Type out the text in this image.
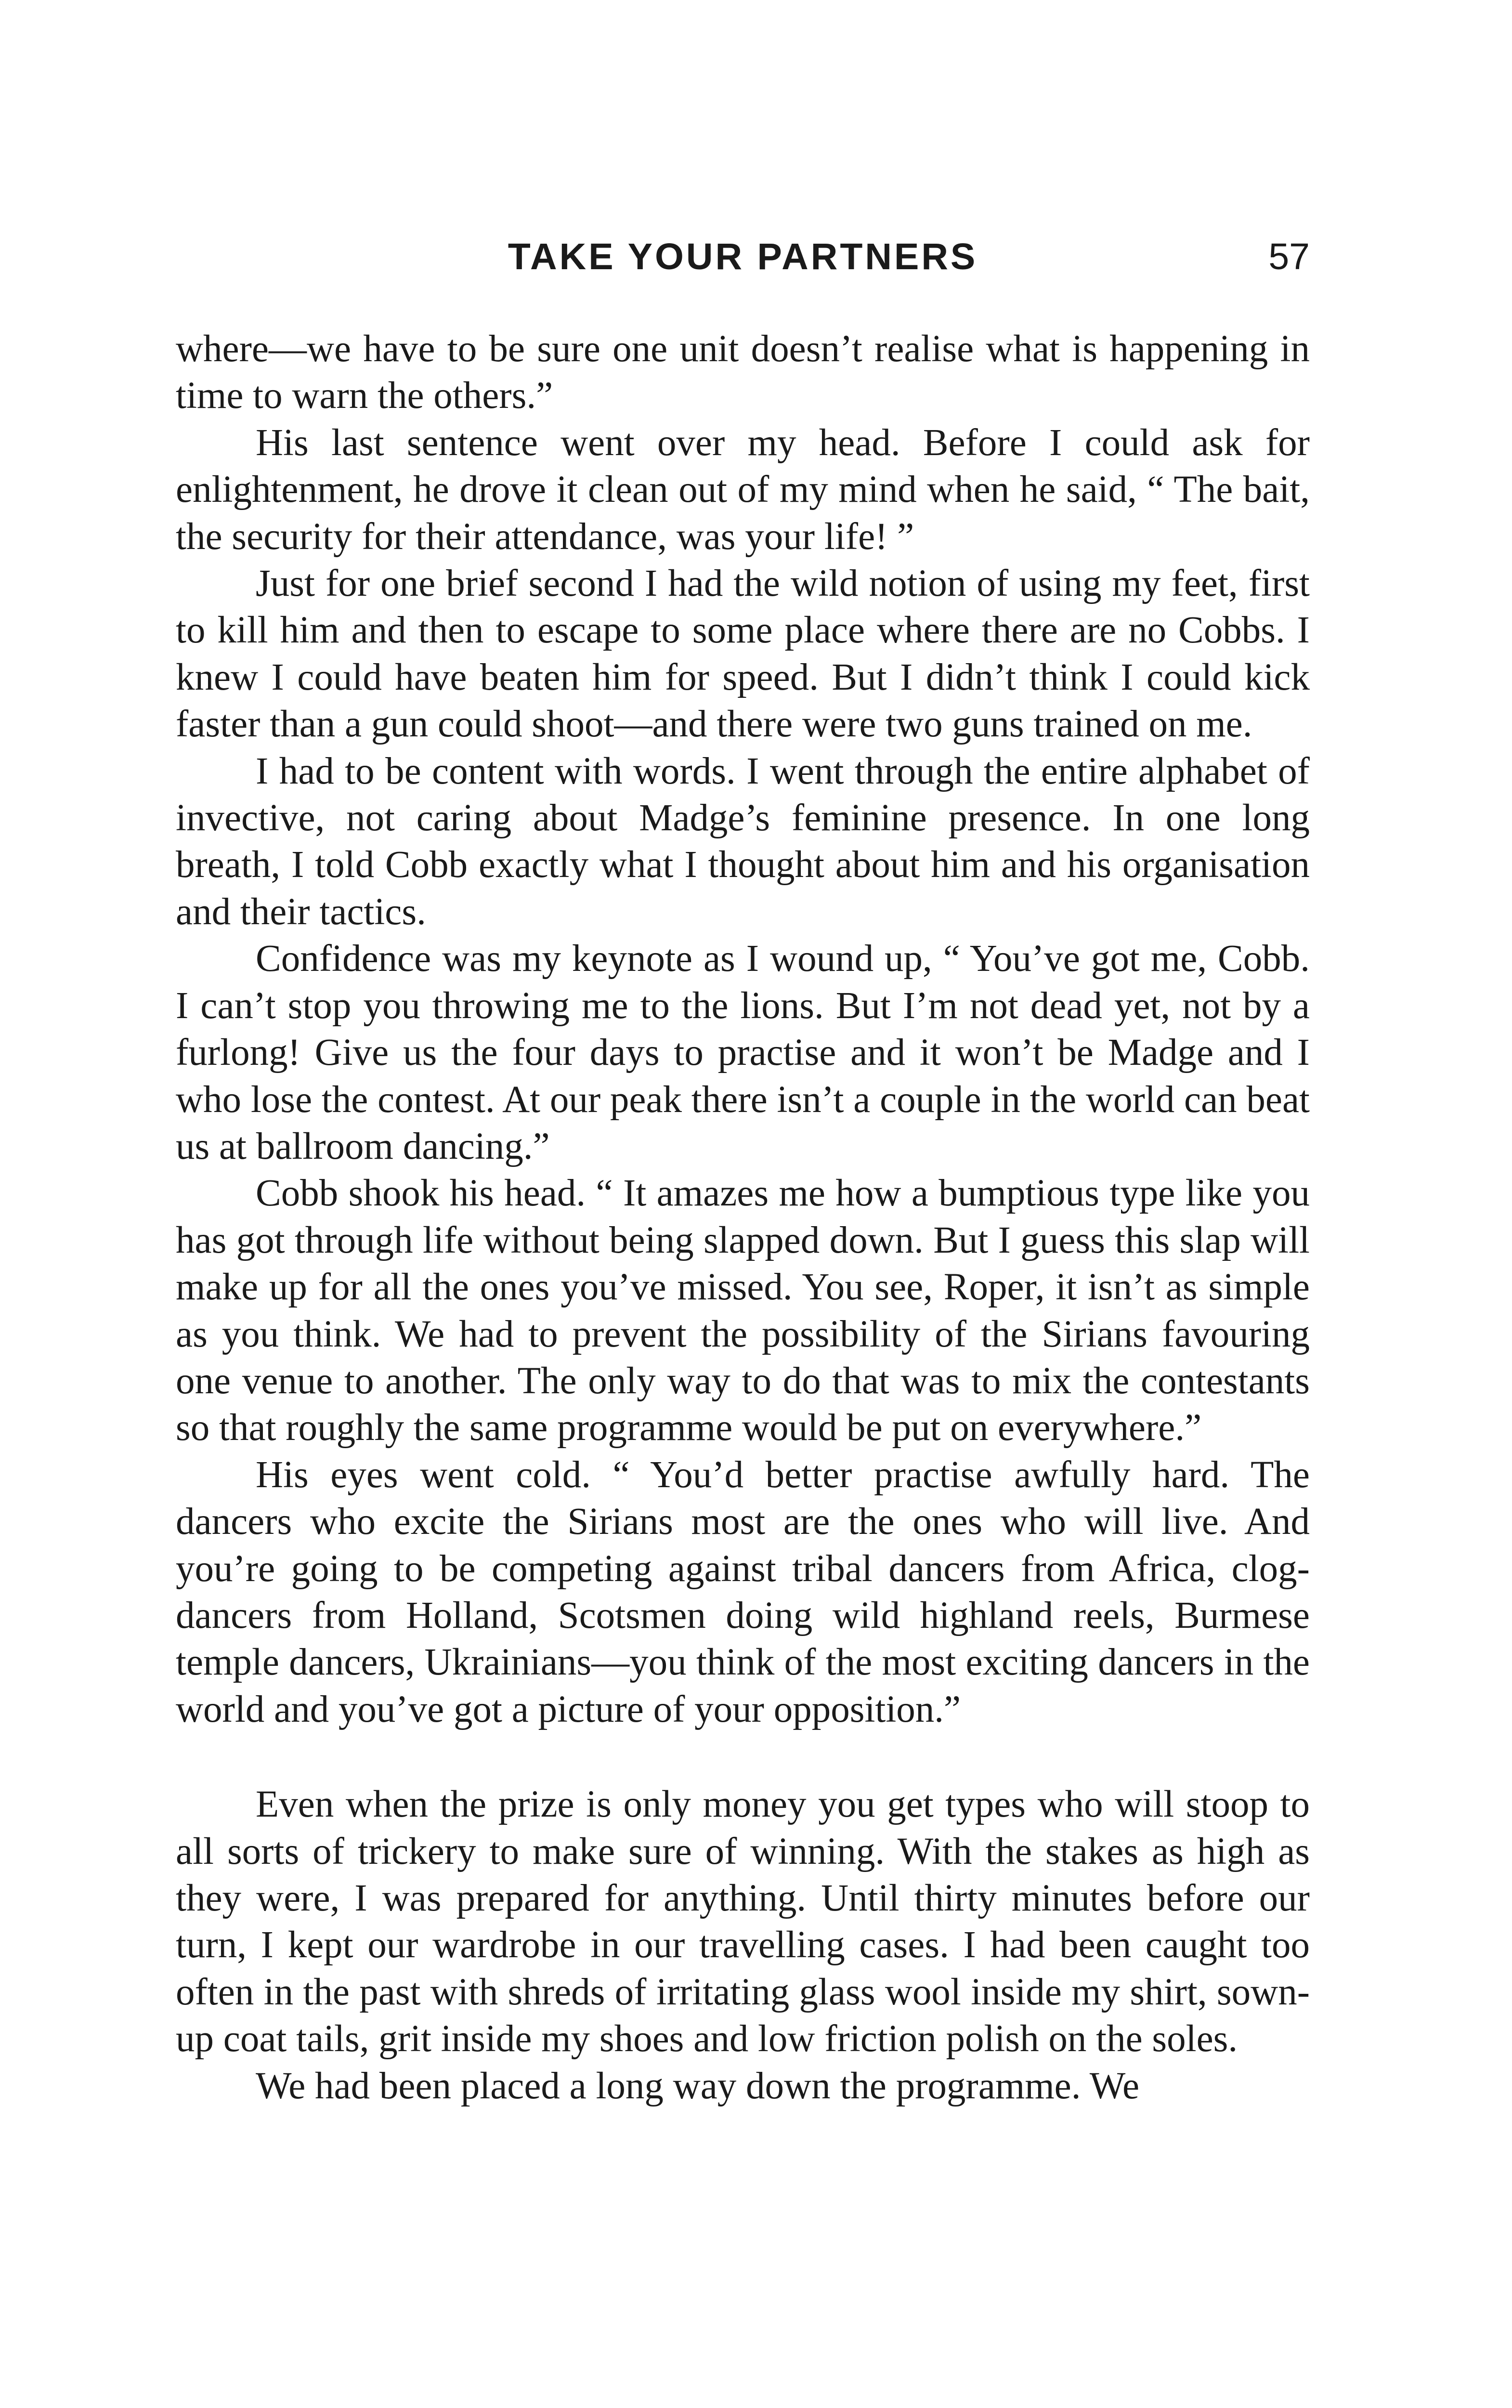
TAKE YOUR PARTNERS	57

where—we have to be sure one unit doesn’t realise what is happening in time to warn the others.”

His last sentence went over my head. Before I could ask for enlightenment, he drove it clean out of my mind when he said, “ The bait, the security for their attendance, was your life! ”

Just for one brief second I had the wild notion of using my feet, first to kill him and then to escape to some place where there are no Cobbs. I knew I could have beaten him for speed. But I didn’t think I could kick faster than a gun could shoot—and there were two guns trained on me.

I had to be content with words. I went through the entire alphabet of invective, not caring about Madge’s feminine presence. In one long breath, I told Cobb exactly what I thought about him and his organisation and their tactics.

Confidence was my keynote as I wound up, “ You’ve got me, Cobb. I can’t stop you throwing me to the lions. But I’m not dead yet, not by a furlong! Give us the four days to practise and it won’t be Madge and I who lose the contest. At our peak there isn’t a couple in the world can beat us at ballroom dancing.”

Cobb shook his head. “ It amazes me how a bumptious type like you has got through life without being slapped down. But I guess this slap will make up for all the ones you’ve missed. You see, Roper, it isn’t as simple as you think. We had to prevent the possibility of the Sirians favouring one venue to another. The only way to do that was to mix the contestants so that roughly the same programme would be put on everywhere.”

His eyes went cold. “ You’d better practise awfully hard. The dancers who excite the Sirians most are the ones who will live. And you’re going to be competing against tribal dancers from Africa, clog-dancers from Holland, Scotsmen doing wild highland reels, Burmese temple dancers, Ukrainians—you think of the most exciting dancers in the world and you’ve got a picture of your opposition.”

Even when the prize is only money you get types who will stoop to all sorts of trickery to make sure of winning. With the stakes as high as they were, I was prepared for anything. Until thirty minutes before our turn, I kept our wardrobe in our travelling cases. I had been caught too often in the past with shreds of irritating glass wool inside my shirt, sown-up coat tails, grit inside my shoes and low friction polish on the soles.

We had been placed a long way down the programme. We
